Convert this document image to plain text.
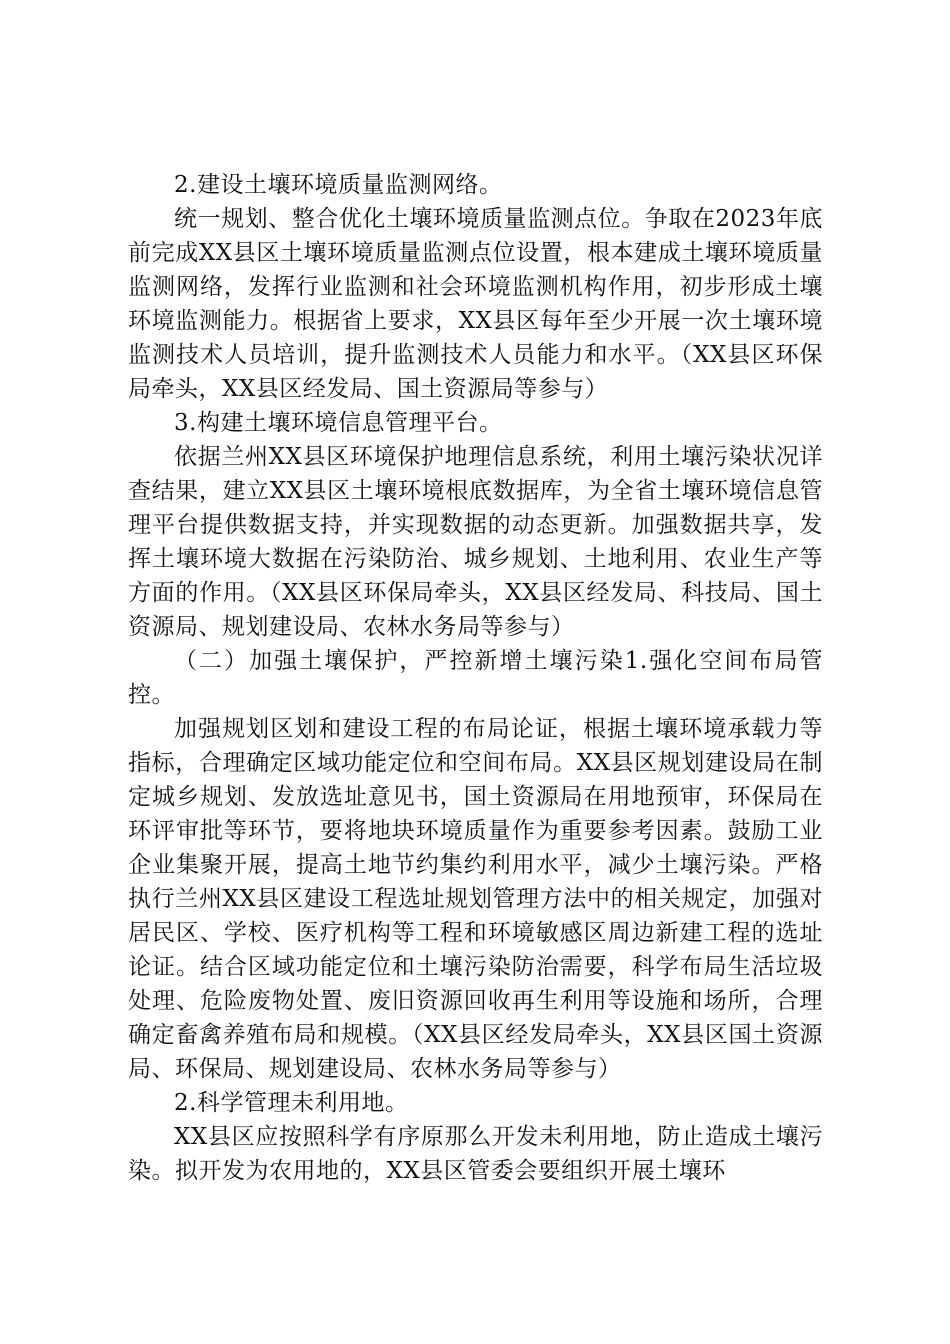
2.建设土壤环境质量监测网络。

统一规划、整合优化土壤环境质量监测点位。争取在2023年底前完成XX县区土壤环境质量监测点位设置，根本建成土壤环境质量监测网络，发挥行业监测和社会环境监测机构作用，初步形成土壤环境监测能力。根据省上要求，XX县区每年至少开展一次土壤环境监测技术人员培训，提升监测技术人员能力和水平。（XX县区环保局牵头，XX县区经发局、国土资源局等参与）

3.构建土壤环境信息管理平台。

依据兰州XX县区环境保护地理信息系统，利用土壤污染状况详查结果，建立XX县区土壤环境根底数据库，为全省土壤环境信息管理平台提供数据支持，并实现数据的动态更新。加强数据共享，发挥土壤环境大数据在污染防治、城乡规划、土地利用、农业生产等方面的作用。（XX县区环保局牵头，XX县区经发局、科技局、国土资源局、规划建设局、农林水务局等参与）

（二）加强土壤保护，严控新增土壤污染1.强化空间布局管控。

加强规划区划和建设工程的布局论证，根据土壤环境承载力等指标，合理确定区域功能定位和空间布局。XX县区规划建设局在制定城乡规划、发放选址意见书，国土资源局在用地预审，环保局在环评审批等环节，要将地块环境质量作为重要参考因素。鼓励工业企业集聚开展，提高土地节约集约利用水平，减少土壤污染。严格执行兰州XX县区建设工程选址规划管理方法中的相关规定，加强对居民区、学校、医疗机构等工程和环境敏感区周边新建工程的选址论证。结合区域功能定位和土壤污染防治需要，科学布局生活垃圾处理、危险废物处置、废旧资源回收再生利用等设施和场所，合理确定畜禽养殖布局和规模。（XX县区经发局牵头，XX县区国土资源局、环保局、规划建设局、农林水务局等参与）

2.科学管理未利用地。

XX县区应按照科学有序原那么开发未利用地，防止造成土壤污染。拟开发为农用地的，XX县区管委会要组织开展土壤环
